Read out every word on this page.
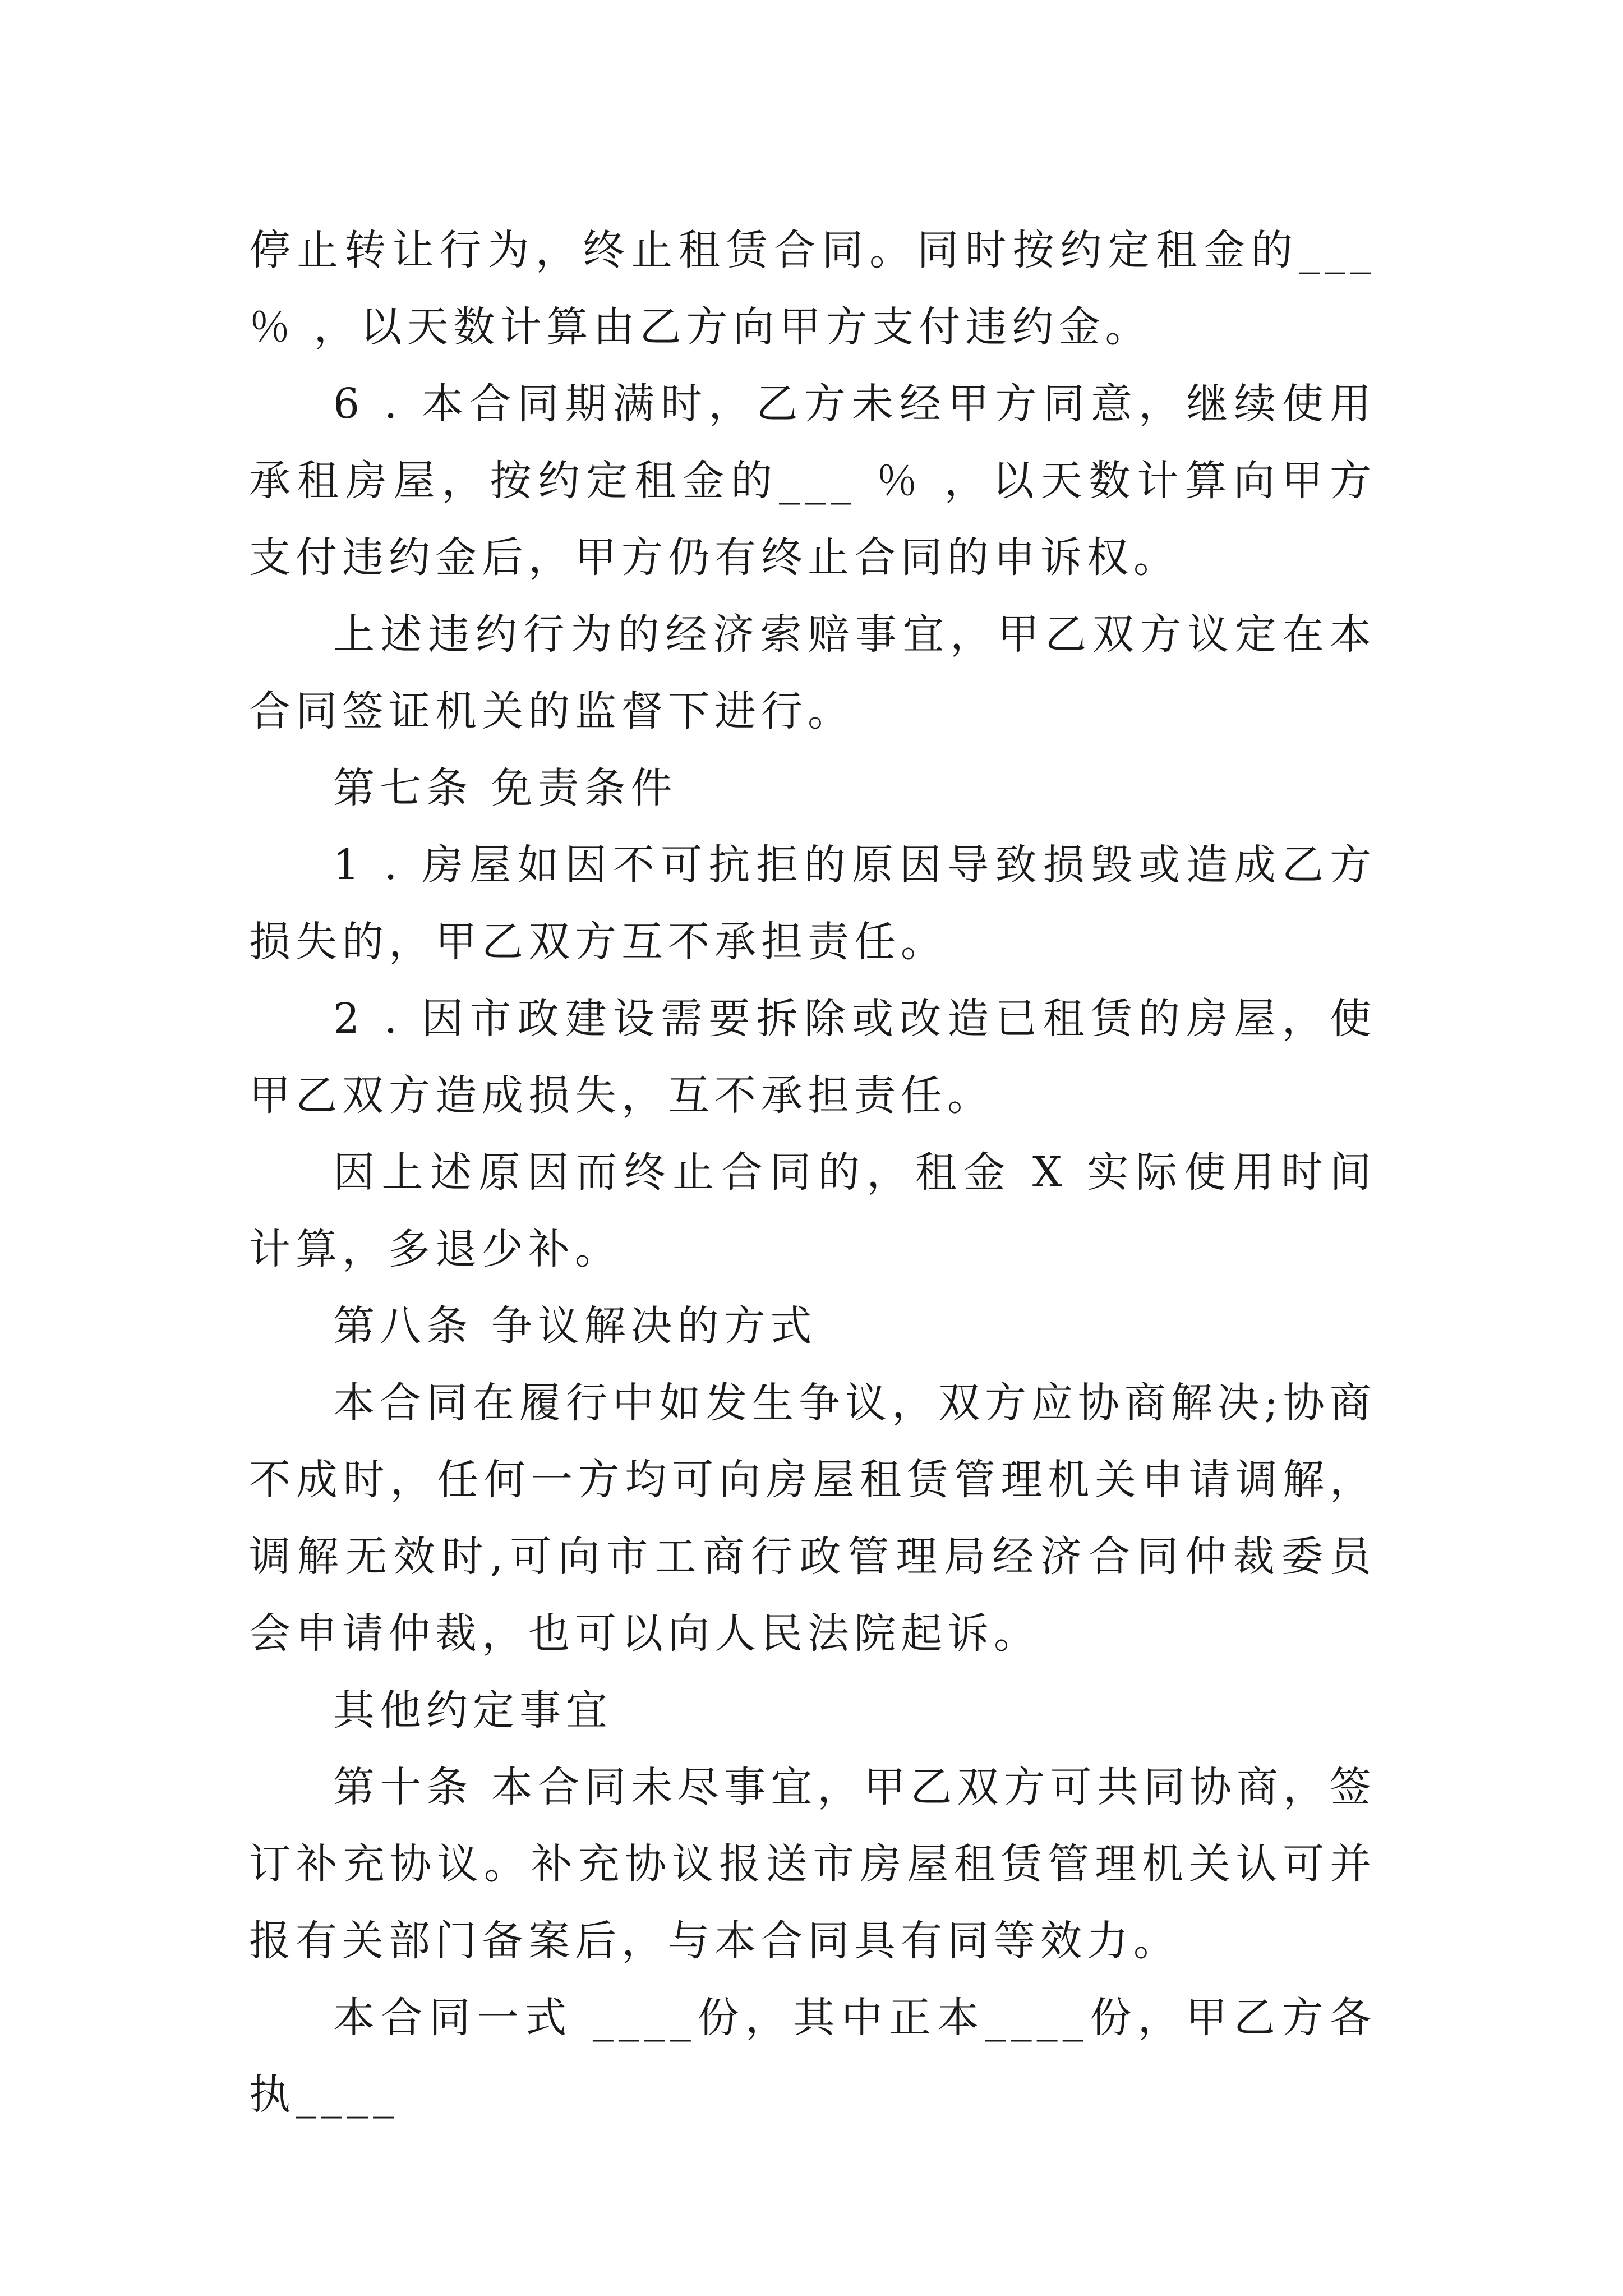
停止转让行为，终止租赁合同。同时按约定租金的___ ％ ，以天数计算由乙方向甲方支付违约金。

6 . 本合同期满时，乙方未经甲方同意，继续使用承租房屋，按约定租金的___ ％ ，以天数计算向甲方支付违约金后，甲方仍有终止合同的申诉权。

上述违约行为的经济索赔事宜，甲乙双方议定在本合同签证机关的监督下进行。

第七条 免责条件

1 . 房屋如因不可抗拒的原因导致损毁或造成乙方损失的，甲乙双方互不承担责任。

2 . 因市政建设需要拆除或改造已租赁的房屋，使甲乙双方造成损失，互不承担责任。

因上述原因而终止合同的，租金 X 实际使用时间计算，多退少补。

第八条 争议解决的方式

本合同在履行中如发生争议，双方应协商解决;协商不成时，任何一方均可向房屋租赁管理机关申请调解，调解无效时,可向市工商行政管理局经济合同仲裁委员会申请仲裁，也可以向人民法院起诉。

其他约定事宜

第十条 本合同未尽事宜，甲乙双方可共同协商，签订补充协议。补充协议报送市房屋租赁管理机关认可并报有关部门备案后，与本合同具有同等效力。

本合同一式 ____份，其中正本____份，甲乙方各执____
